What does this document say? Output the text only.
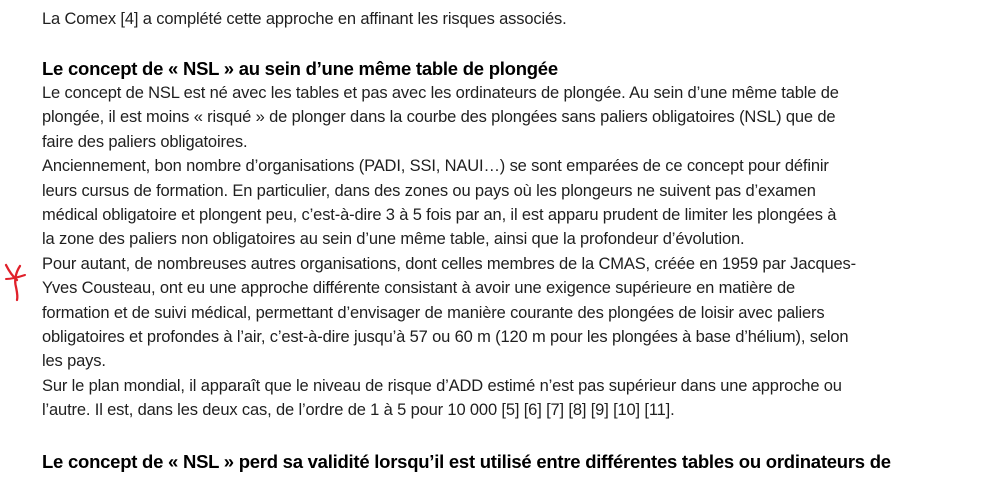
La Comex [4] a complété cette approche en affinant les risques associés.
Le concept de « NSL » au sein d’une même table de plongée
Le concept de NSL est né avec les tables et pas avec les ordinateurs de plongée. Au sein d’une même table de
plongée, il est moins « risqué » de plonger dans la courbe des plongées sans paliers obligatoires (NSL) que de
faire des paliers obligatoires.
Anciennement, bon nombre d’organisations (PADI, SSI, NAUI…) se sont emparées de ce concept pour définir
leurs cursus de formation. En particulier, dans des zones ou pays où les plongeurs ne suivent pas d’examen
médical obligatoire et plongent peu, c’est-à-dire 3 à 5 fois par an, il est apparu prudent de limiter les plongées à
la zone des paliers non obligatoires au sein d’une même table, ainsi que la profondeur d’évolution.
Pour autant, de nombreuses autres organisations, dont celles membres de la CMAS, créée en 1959 par Jacques-
Yves Cousteau, ont eu une approche différente consistant à avoir une exigence supérieure en matière de
formation et de suivi médical, permettant d’envisager de manière courante des plongées de loisir avec paliers
obligatoires et profondes à l’air, c’est-à-dire jusqu’à 57 ou 60 m (120 m pour les plongées à base d’hélium), selon
les pays.
Sur le plan mondial, il apparaît que le niveau de risque d’ADD estimé n’est pas supérieur dans une approche ou
l’autre. Il est, dans les deux cas, de l’ordre de 1 à 5 pour 10 000 [5] [6] [7] [8] [9] [10] [11].
Le concept de « NSL » perd sa validité lorsqu’il est utilisé entre différentes tables ou ordinateurs de
